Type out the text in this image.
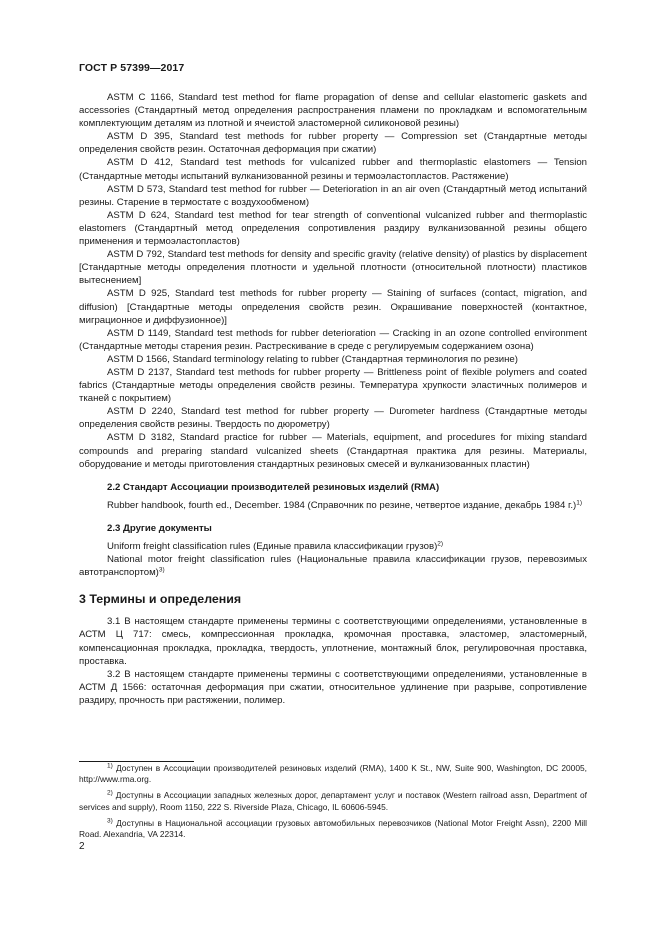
ГОСТ Р 57399—2017

ASTM C 1166, Standard test method for flame propagation of dense and cellular elastomeric gaskets and accessories (Стандартный метод определения распространения пламени по прокладкам и вспомогательным комплектующим деталям из плотной и ячеистой эластомерной силиконовой резины)

ASTM D 395, Standard test methods for rubber property — Compression set (Стандартные методы определения свойств резин. Остаточная деформация при сжатии)

ASTM D 412, Standard test methods for vulcanized rubber and thermoplastic elastomers — Tension (Стандартные методы испытаний вулканизованной резины и термоэластопластов. Растяжение)

ASTM D 573, Standard test method for rubber — Deterioration in an air oven (Стандартный метод испытаний резины. Старение в термостате с воздухообменом)

ASTM D 624, Standard test method for tear strength of conventional vulcanized rubber and thermoplastic elastomers (Стандартный метод определения сопротивления раздиру вулканизованной резины общего применения и термоэластопластов)

ASTM D 792, Standard test methods for density and specific gravity (relative density) of plastics by displacement [Стандартные методы определения плотности и удельной плотности (относительной плотности) пластиков вытеснением]

ASTM D 925, Standard test methods for rubber property — Staining of surfaces (contact, migration, and diffusion) [Стандартные методы определения свойств резин. Окрашивание поверхностей (контактное, миграционное и диффузионное)]

ASTM D 1149, Standard test methods for rubber deterioration — Cracking in an ozone controlled environment (Стандартные методы старения резин. Растрескивание в среде с регулируемым содержанием озона)

ASTM D 1566, Standard terminology relating to rubber (Стандартная терминология по резине)

ASTM D 2137, Standard test methods for rubber property — Brittleness point of flexible polymers and coated fabrics (Стандартные методы определения свойств резины. Температура хрупкости эластичных полимеров и тканей с покрытием)

ASTM D 2240, Standard test method for rubber property — Durometer hardness (Стандартные методы определения свойств резины. Твердость по дюрометру)

ASTM D 3182, Standard practice for rubber — Materials, equipment, and procedures for mixing standard compounds and preparing standard vulcanized sheets (Стандартная практика для резины. Материалы, оборудование и методы приготовления стандартных резиновых смесей и вулканизованных пластин)

2.2 Стандарт Ассоциации производителей резиновых изделий (RMA)

Rubber handbook, fourth ed., December. 1984 (Справочник по резине, четвертое издание, декабрь 1984 г.)$^{1)}$

2.3 Другие документы

Uniform freight classification rules (Единые правила классификации грузов)$^{2)}$

National motor freight classification rules (Национальные правила классификации грузов, перевозимых автотранспортом)$^{3)}$

3 Термины и определения

3.1 В настоящем стандарте применены термины с соответствующими определениями, установленные в АСТМ Ц 717: смесь, компрессионная прокладка, кромочная проставка, эластомер, эластомерный, компенсационная прокладка, прокладка, твердость, уплотнение, монтажный блок, регулировочная проставка, проставка.

3.2 В настоящем стандарте применены термины с соответствующими определениями, установленные в АСТМ Д 1566: остаточная деформация при сжатии, относительное удлинение при разрыве, сопротивление раздиру, прочность при растяжении, полимер.

$^{1)}$ Доступен в Ассоциации производителей резиновых изделий (RMA), 1400 K St., NW, Suite 900, Washington, DC 20005, http://www.rma.org.

$^{2)}$ Доступны в Ассоциации западных железных дорог, департамент услуг и поставок (Western railroad assn, Department of services and supply), Room 1150, 222 S. Riverside Plaza, Chicago, IL 60606-5945.

$^{3)}$ Доступны в Национальной ассоциации грузовых автомобильных перевозчиков (National Motor Freight Assn), 2200 Mill Road. Alexandria, VA 22314.

2
